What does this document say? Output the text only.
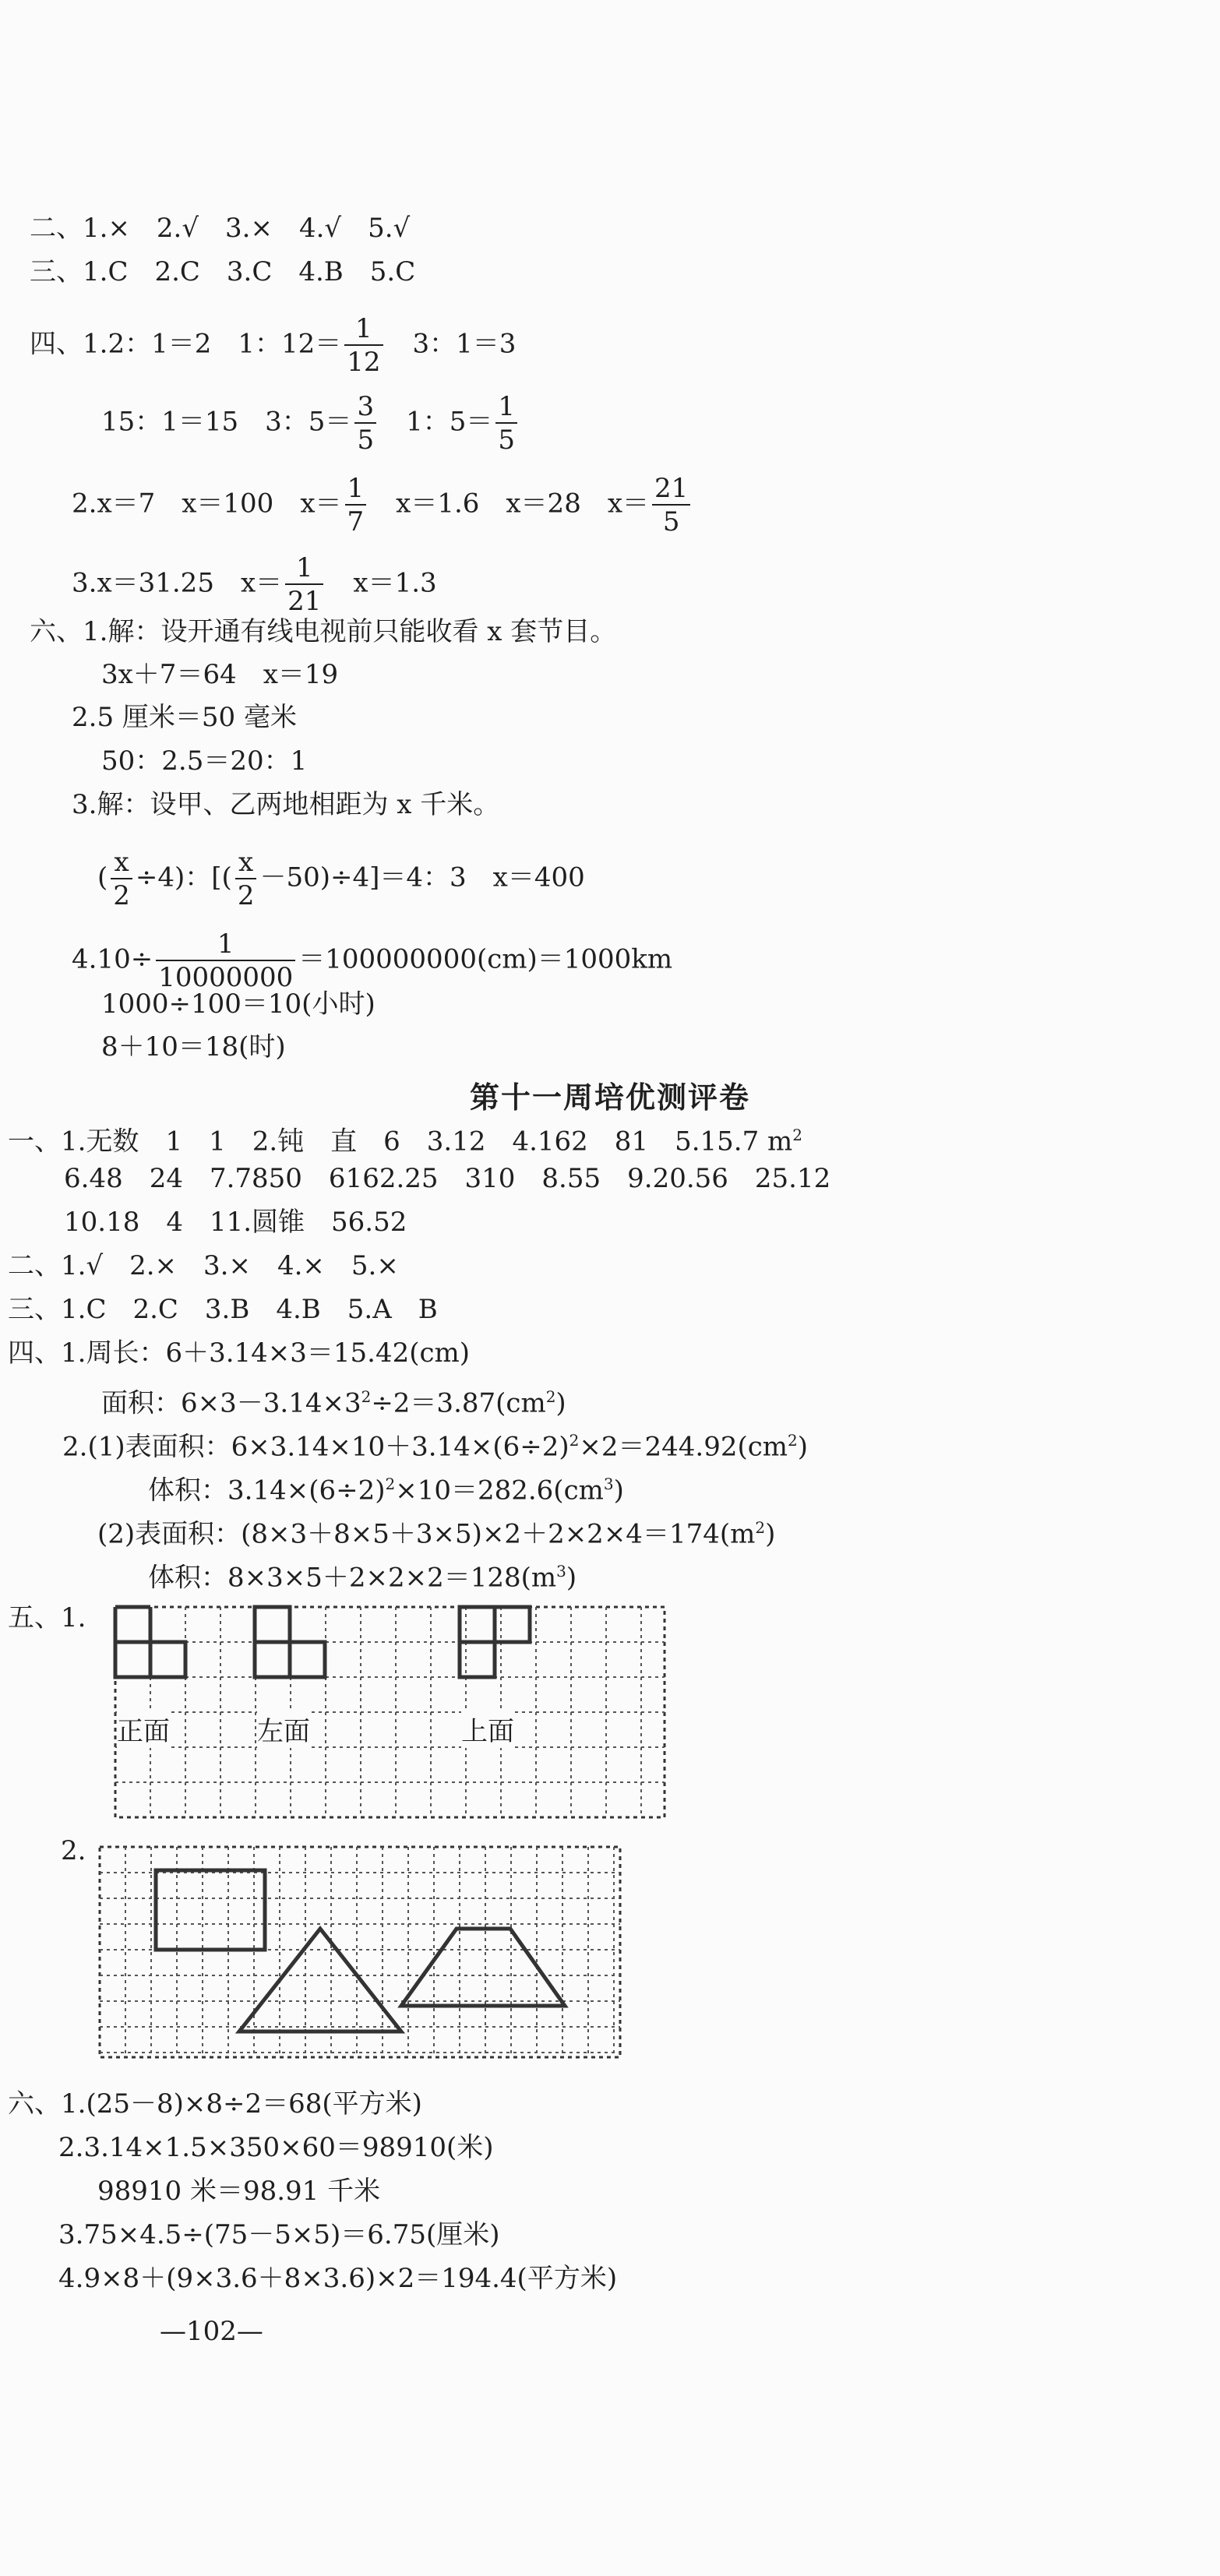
二、1.×　2.√　3.×　4.√　5.√
三、1.C　2.C　3.C　4.B　5.C
四、1.2：1＝2　1：$12= \frac{1}{12}$ 　3：1＝3
15：1＝15　3：$5= \frac{3}{5}$ 　1：$5= \frac{1}{5}$
2.x＝7　x＝100　$x= \frac{1}{7}$ 　x＝1.6　x＝28　$x= \frac{21}{5}$
3.x＝31.25　$x= \frac{1}{21}$ 　x＝1.3
六、1.解：设开通有线电视前只能收看 x 套节目。
3x＋7＝64　x＝19
2.5 厘米＝50 毫米
50：2.5＝20：1
3.解：设甲、乙两地相距为 x 千米。
( $\frac{x}{2} \div 4$)：[( $\frac{x}{2} -50)\div 4]=4$：3　x＝400
$4.10\div \frac{1}{10000000} =100000000(cm)=1000km$
1000÷100＝10(小时)
8＋10＝18(时)
第十一周培优测评卷
一、1.无数　1　1　2.钝　直　6　3.12　4.162　81　5.15.7 $m^2$
6.48　24　7.7850　6162.25　310　8.55　9.20.56　25.12
10.18　4　11.圆锥　56.52
二、1.√　2.×　3.×　4.×　5.×
三、1.C　2.C　3.B　4.B　5.A　B
四、1.周长：6＋3.14×3＝15.42(cm)
面积：$6\times 3-3.14\times 3^2\div 2=3.87(cm^2)$
2.(1)表面积：$6\times 3.14\times 10+3.14\times(6\div 2)^2\times 2=244.92(cm^2)$
体积：$3.14\times(6\div 2)^2\times 10=282.6(cm^3)$
(2)表面积：$(8\times 3+8\times 5+3\times 5)\times 2+2\times 2\times 4=174(m^2)$
体积：$8\times 3\times 5+2\times 2\times 2=128(m^3)$
五、1.
正面	左面	上面
2.
六、1.(25－8)×8÷2＝68(平方米)
2.3.14×1.5×350×60＝98910(米)
98910 米＝98.91 千米
3.75×4.5÷(75－5×5)＝6.75(厘米)
4.9×8＋(9×3.6＋8×3.6)×2＝194.4(平方米)
—102—
